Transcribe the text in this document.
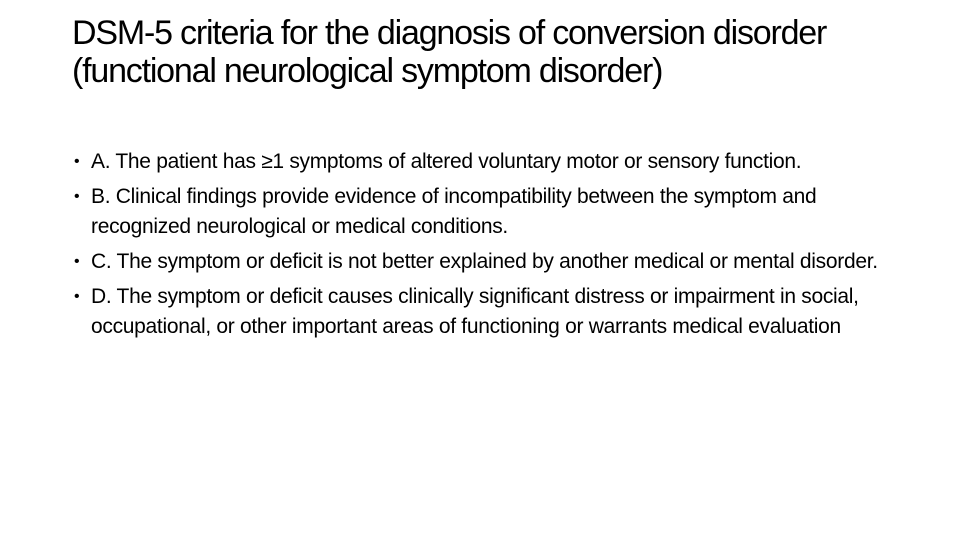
DSM-5 criteria for the diagnosis of conversion disorder (functional neurological symptom disorder)
• A. The patient has ≥1 symptoms of altered voluntary motor or sensory function.
• B. Clinical findings provide evidence of incompatibility between the symptom and recognized neurological or medical conditions.
• C. The symptom or deficit is not better explained by another medical or mental disorder.
• D. The symptom or deficit causes clinically significant distress or impairment in social, occupational, or other important areas of functioning or warrants medical evaluation
